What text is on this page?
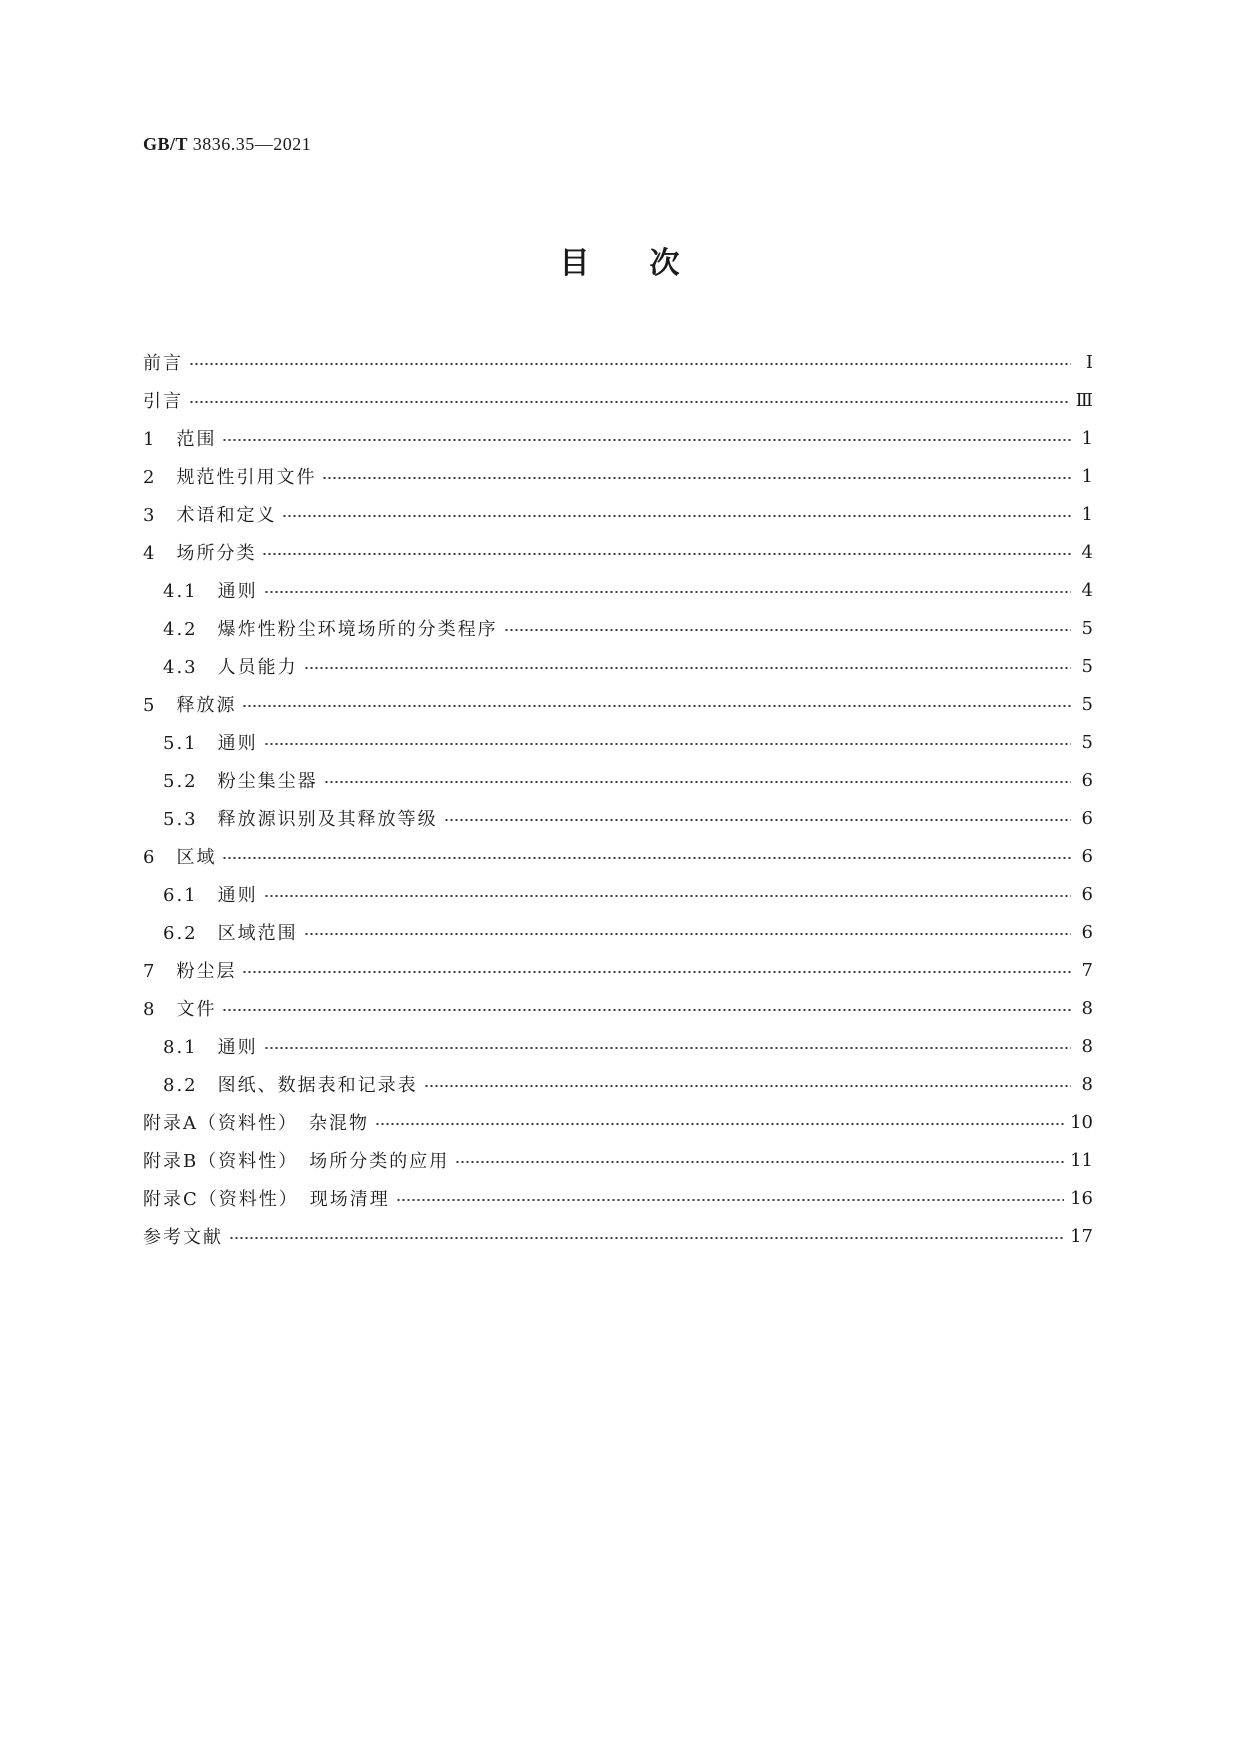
GB/T 3836.35—2021
目次
前言	Ⅰ
引言	Ⅲ
1　范围	1
2　规范性引用文件	1
3　术语和定义	1
4　场所分类	4
4.1　通则	4
4.2　爆炸性粉尘环境场所的分类程序	5
4.3　人员能力	5
5　释放源	5
5.1　通则	5
5.2　粉尘集尘器	6
5.3　释放源识别及其释放等级	6
6　区域	6
6.1　通则	6
6.2　区域范围	6
7　粉尘层	7
8　文件	8
8.1　通则	8
8.2　图纸、数据表和记录表	8
附录A（资料性）　杂混物	10
附录B（资料性）　场所分类的应用	11
附录C（资料性）　现场清理	16
参考文献	17
